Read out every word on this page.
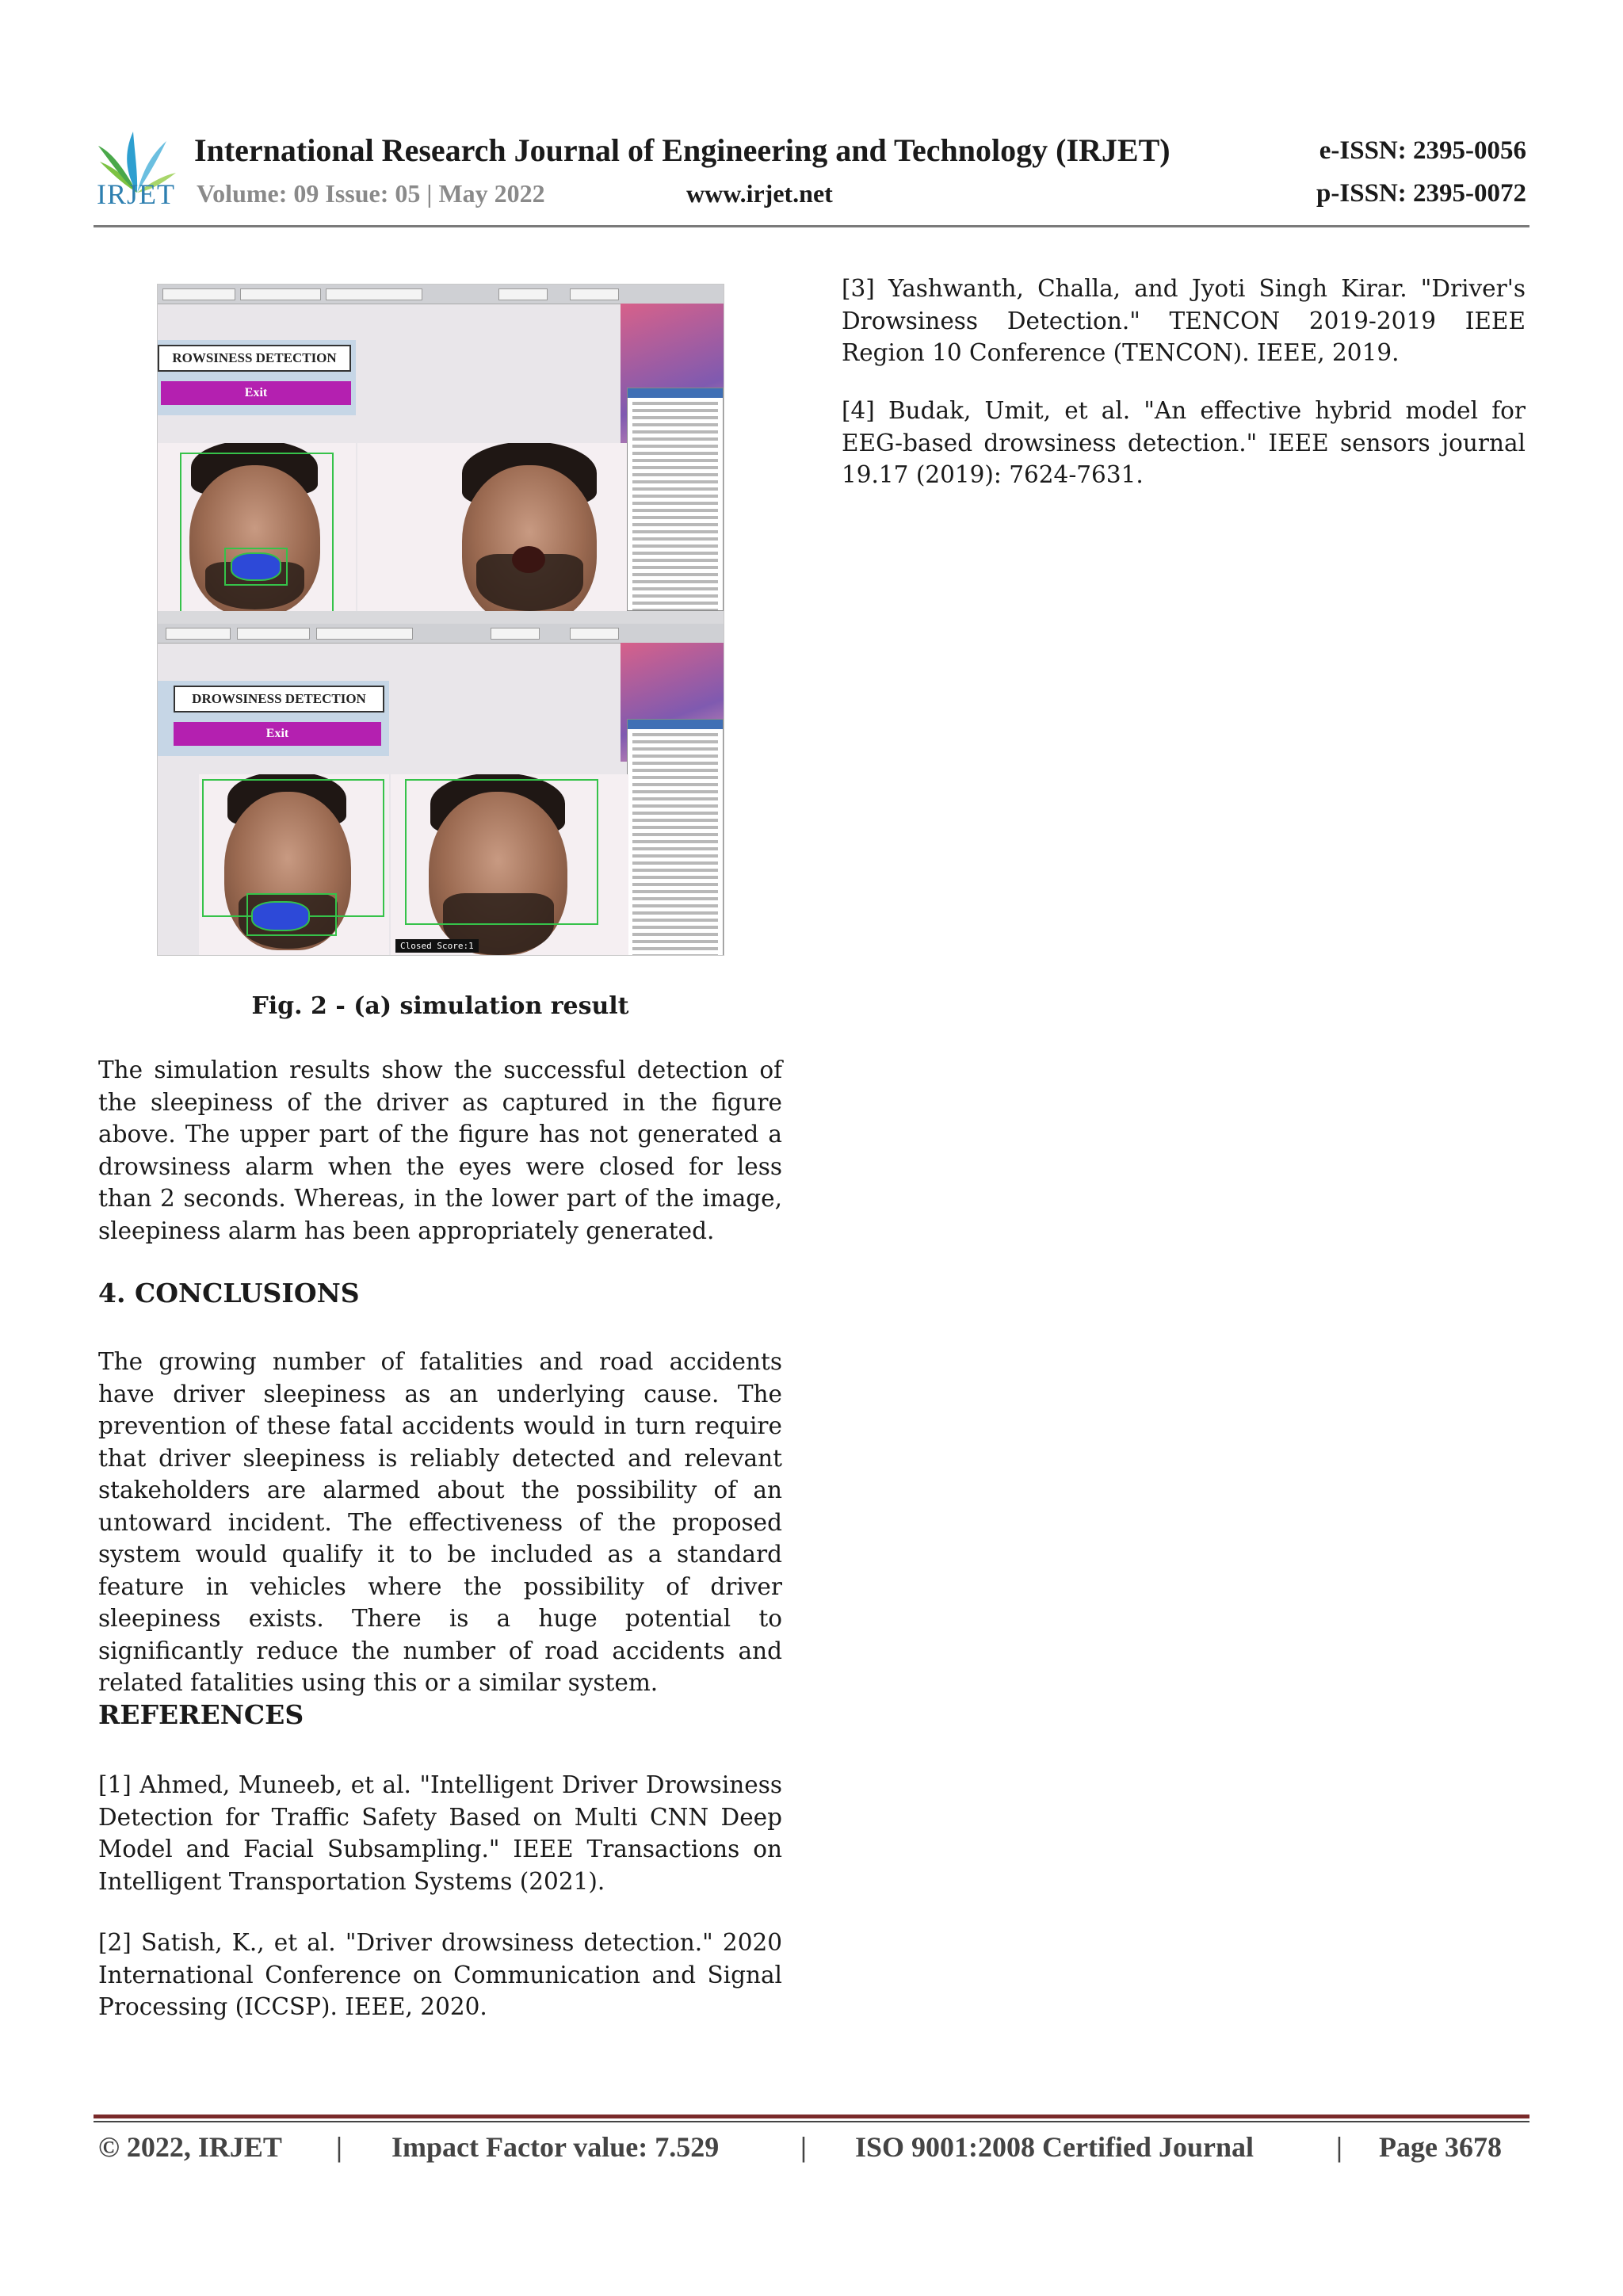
IRJET
International Research Journal of Engineering and Technology (IRJET)	e-ISSN: 2395-0056
Volume: 09 Issue: 05 | May 2022	www.irjet.net	p-ISSN: 2395-0072
ROWSINESS DETECTION
Exit
DROWSINESS DETECTION
Exit
Closed Score:1
Fig. 2 - (a) simulation result

The simulation results show the successful detection of the sleepiness of the driver as captured in the figure above. The upper part of the figure has not generated a drowsiness alarm when the eyes were closed for less than 2 seconds. Whereas, in the lower part of the image, sleepiness alarm has been appropriately generated.

4. CONCLUSIONS

The growing number of fatalities and road accidents have driver sleepiness as an underlying cause. The prevention of these fatal accidents would in turn require that driver sleepiness is reliably detected and relevant stakeholders are alarmed about the possibility of an untoward incident. The effectiveness of the proposed system would qualify it to be included as a standard feature in vehicles where the possibility of driver sleepiness exists. There is a huge potential to significantly reduce the number of road accidents and related fatalities using this or a similar system.

REFERENCES

[1] Ahmed, Muneeb, et al. "Intelligent Driver Drowsiness Detection for Traffic Safety Based on Multi CNN Deep Model and Facial Subsampling." IEEE Transactions on Intelligent Transportation Systems (2021).

[2] Satish, K., et al. "Driver drowsiness detection." 2020 International Conference on Communication and Signal Processing (ICCSP). IEEE, 2020.

[3] Yashwanth, Challa, and Jyoti Singh Kirar. "Driver's Drowsiness Detection." TENCON 2019-2019 IEEE Region 10 Conference (TENCON). IEEE, 2019.

[4] Budak, Umit, et al. "An effective hybrid model for EEG-based drowsiness detection." IEEE sensors journal 19.17 (2019): 7624-7631.

© 2022, IRJET | Impact Factor value: 7.529	| ISO 9001:2008 Certified Journal	| Page 3678
